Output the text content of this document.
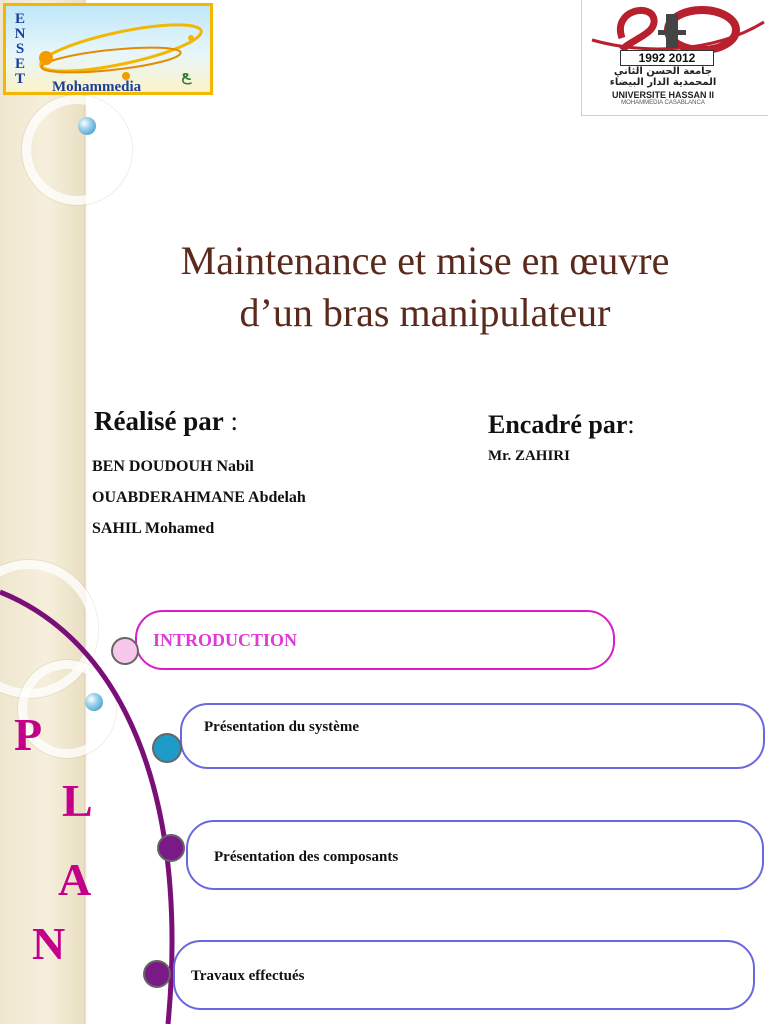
E
N
S
E
T	ﻊ
Mohammedia
Ans
1992 2012
جامعة الحسن الثاني المحمدية الدار البيضاء
UNIVERSITE HASSAN II
MOHAMMEDIA CASABLANCA
Maintenance et mise en œuvre
d’un bras manipulateur
Réalisé par :
BEN DOUDOUH Nabil
OUABDERAHMANE Abdelah
SAHIL Mohamed
Encadré par:
Mr. ZAHIRI
P
L
A
N
INTRODUCTION
Présentation du système
Présentation des composants
Travaux effectués
